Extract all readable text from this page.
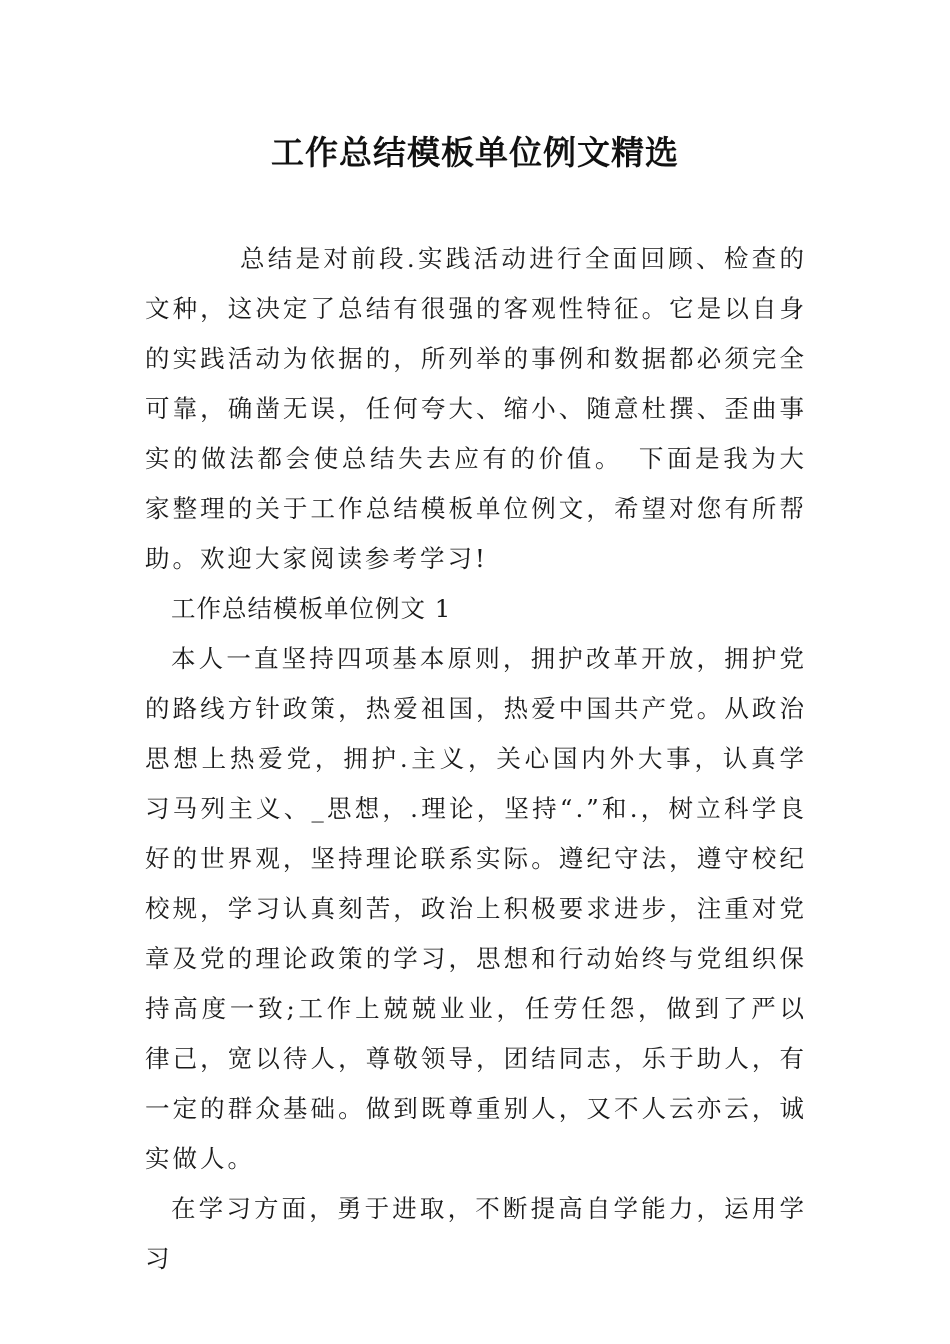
工作总结模板单位例文精选

总结是对前段.实践活动进行全面回顾、检查的文种，这决定了总结有很强的客观性特征。它是以自身的实践活动为依据的，所列举的事例和数据都必须完全可靠，确凿无误，任何夸大、缩小、随意杜撰、歪曲事实的做法都会使总结失去应有的价值。　下面是我为大家整理的关于工作总结模板单位例文，希望对您有所帮助。欢迎大家阅读参考学习!

工作总结模板单位例文 1

本人一直坚持四项基本原则，拥护改革开放，拥护党的路线方针政策，热爱祖国，热爱中国共产党。从政治思想上热爱党，拥护.主义，关心国内外大事，认真学习马列主义、_思想，.理论，坚持“.”和.，树立科学良好的世界观，坚持理论联系实际。遵纪守法，遵守校纪校规，学习认真刻苦，政治上积极要求进步，注重对党章及党的理论政策的学习，思想和行动始终与党组织保持高度一致;工作上兢兢业业，任劳任怨，做到了严以律己，宽以待人，尊敬领导，团结同志，乐于助人，有一定的群众基础。做到既尊重别人，又不人云亦云，诚实做人。

在学习方面，勇于进取，不断提高自学能力，运用学习
